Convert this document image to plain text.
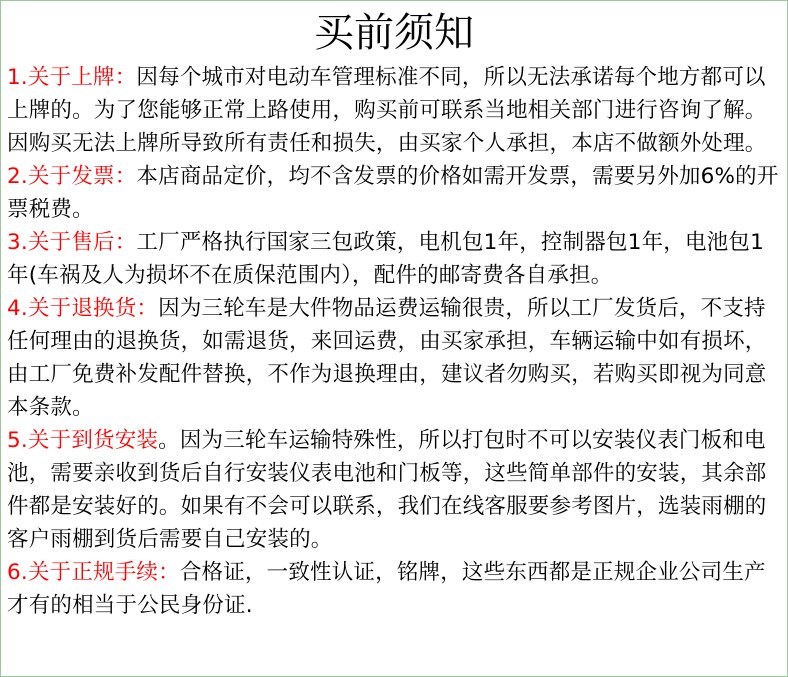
买前须知

1.关于上牌：因每个城市对电动车管理标准不同，所以无法承诺每个地方都可以上牌的。为了您能够正常上路使用，购买前可联系当地相关部门进行咨询了解。因购买无法上牌所导致所有责任和损失，由买家个人承担，本店不做额外处理。

2.关于发票：本店商品定价，均不含发票的价格如需开发票，需要另外加6%的开票税费。

3.关于售后：工厂严格执行国家三包政策，电机包1年，控制器包1年，电池包1年(车祸及人为损坏不在质保范围内），配件的邮寄费各自承担。

4.关于退换货：因为三轮车是大件物品运费运输很贵，所以工厂发货后，不支持任何理由的退换货，如需退货，来回运费，由买家承担，车辆运输中如有损坏，由工厂免费补发配件替换，不作为退换理由，建议者勿购买，若购买即视为同意本条款。

5.关于到货安装。因为三轮车运输特殊性，所以打包时不可以安装仪表门板和电池，需要亲收到货后自行安装仪表电池和门板等，这些简单部件的安装，其余部件都是安装好的。如果有不会可以联系，我们在线客服要参考图片，选装雨棚的客户雨棚到货后需要自己安装的。

6.关于正规手续：合格证，一致性认证，铭牌，这些东西都是正规企业公司生产才有的相当于公民身份证.
